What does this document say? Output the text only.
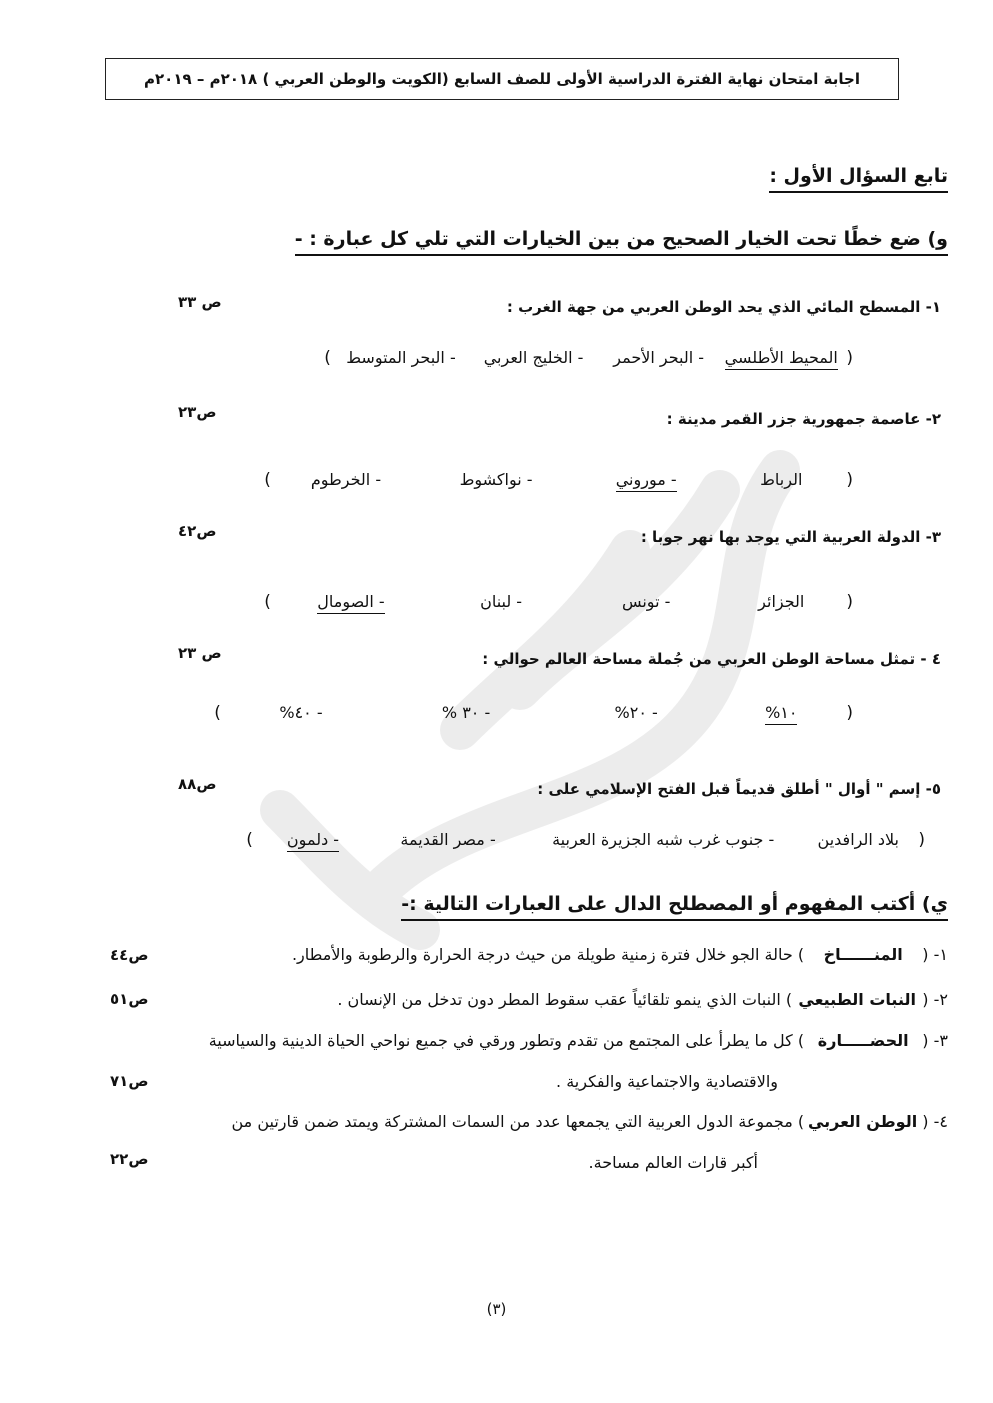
اجابة امتحان نهاية الفترة الدراسية الأولى للصف السابع (الكويت والوطن العربي ) ٢٠١٨م – ٢٠١٩م
تابع السؤال الأول :
و) ضع خطًا تحت الخيار الصحيح من بين الخيارات التي تلي كل عبارة : -
١- المسطح المائي الذي يحد الوطن العربي من جهة الغرب :
ص ٣٣
( المحيط الأطلسي - البحر الأحمر - الخليج العربي - البحر المتوسط )
٢- عاصمة جمهورية جزر القمر مدينة :
ص٢٣
( الرباط - موروني - نواكشوط - الخرطوم )
٣- الدولة العربية التي يوجد بها نهر جوبا :
ص٤٢
( الجزائر - تونس - لبنان - الصومال )
٤ - تمثل مساحة الوطن العربي من جُملة مساحة العالم حوالي :
ص ٢٣
( ١٠% - ٢٠% - ٣٠ % - ٤٠% )
٥- إسم " أوال " أطلق قديماً قبل الفتح الإسلامي على :
ص٨٨
( بلاد الرافدين - جنوب غرب شبه الجزيرة العربية - مصر القديمة - دلمون )
ي) أكتب المفهوم أو المصطلح الدال على العبارات التالية :-
١- ( المنــــــاخ ) حالة الجو خلال فترة زمنية طويلة من حيث درجة الحرارة والرطوبة والأمطار.
ص٤٤
٢- ( النبات الطبيعي ) النبات الذي ينمو تلقائياً عقب سقوط المطر دون تدخل من الإنسان .
ص٥١
٣- ( الحضـــــارة ) كل ما يطرأ على المجتمع من تقدم وتطور ورقي في جميع نواحي الحياة الدينية والسياسية
والاقتصادية والاجتماعية والفكرية .
ص٧١
٤- ( الوطن العربي ) مجموعة الدول العربية التي يجمعها عدد من السمات المشتركة ويمتد ضمن قارتين من
أكبر قارات العالم مساحة.
ص٢٢
(٣)
